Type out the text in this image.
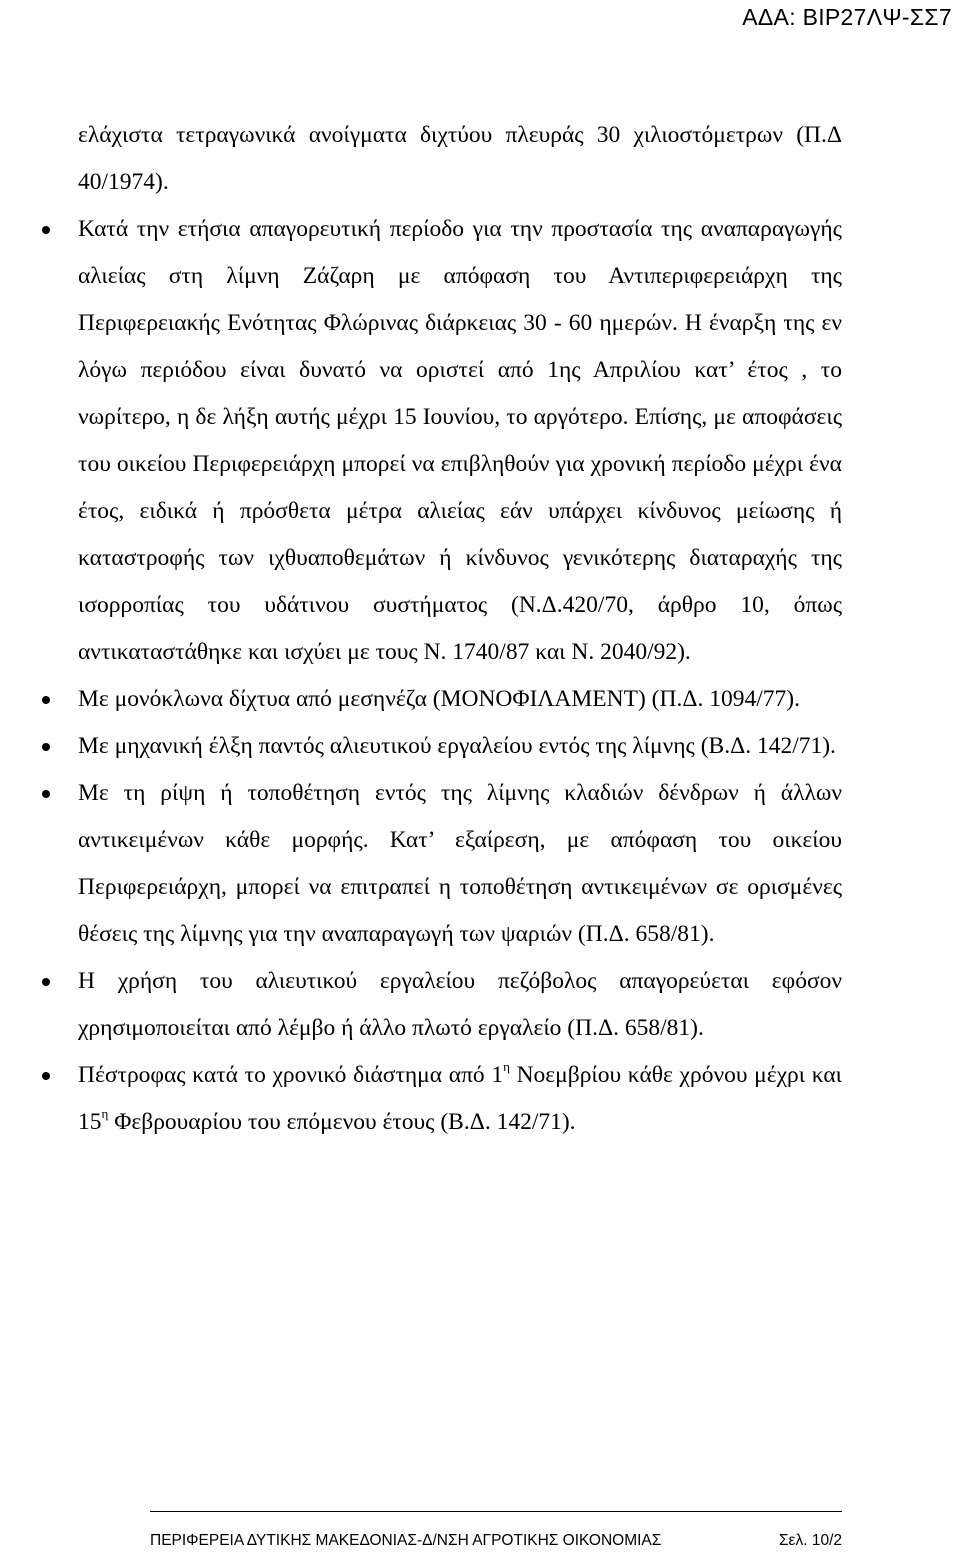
ΑΔΑ: ΒΙΡ27ΛΨ-ΣΣ7

ελάχιστα τετραγωνικά ανοίγματα διχτύου πλευράς 30 χιλιοστόμετρων (Π.Δ 40/1974).

Κατά την ετήσια απαγορευτική περίοδο για την προστασία της αναπαραγωγής αλιείας στη λίμνη Ζάζαρη με απόφαση του Αντιπεριφερειάρχη της Περιφερειακής Ενότητας Φλώρινας διάρκειας 30 - 60 ημερών. Η έναρξη της εν λόγω περιόδου είναι δυνατό να οριστεί από 1ης Απριλίου κατ’ έτος , το νωρίτερο, η δε λήξη αυτής μέχρι 15 Ιουνίου, το αργότερο. Επίσης, με αποφάσεις του οικείου Περιφερειάρχη μπορεί να επιβληθούν για χρονική περίοδο μέχρι ένα έτος, ειδικά ή πρόσθετα μέτρα αλιείας εάν υπάρχει κίνδυνος μείωσης ή καταστροφής των ιχθυαποθεμάτων ή κίνδυνος γενικότερης διαταραχής της ισορροπίας του υδάτινου συστήματος (Ν.Δ.420/70, άρθρο 10, όπως αντικαταστάθηκε και ισχύει με τους Ν. 1740/87 και Ν. 2040/92).
Με μονόκλωνα δίχτυα από μεσηνέζα (ΜΟΝΟΦΙΛΑΜΕΝΤ) (Π.Δ. 1094/77).
Με μηχανική έλξη παντός αλιευτικού εργαλείου εντός της λίμνης (Β.Δ. 142/71).
Με τη ρίψη ή τοποθέτηση εντός της λίμνης κλαδιών δένδρων ή άλλων αντικειμένων κάθε μορφής. Κατ’ εξαίρεση, με απόφαση του οικείου Περιφερειάρχη, μπορεί να επιτραπεί η τοποθέτηση αντικειμένων σε ορισμένες θέσεις της λίμνης για την αναπαραγωγή των ψαριών (Π.Δ. 658/81).
Η χρήση του αλιευτικού εργαλείου πεζόβολος απαγορεύεται εφόσον χρησιμοποιείται από λέμβο ή άλλο πλωτό εργαλείο (Π.Δ. 658/81).
Πέστροφας κατά το χρονικό διάστημα από $1^\eta$ Νοεμβρίου κάθε χρόνου μέχρι και $15^\eta$ Φεβρουαρίου του επόμενου έτους (Β.Δ. 142/71).
ΠΕΡΙΦΕΡΕΙΑ ΔΥΤΙΚΗΣ ΜΑΚΕΔΟΝΙΑΣ-Δ/ΝΣΗ ΑΓΡΟΤΙΚΗΣ ΟΙΚΟΝΟΜΙΑΣ	Σελ. 10/2
